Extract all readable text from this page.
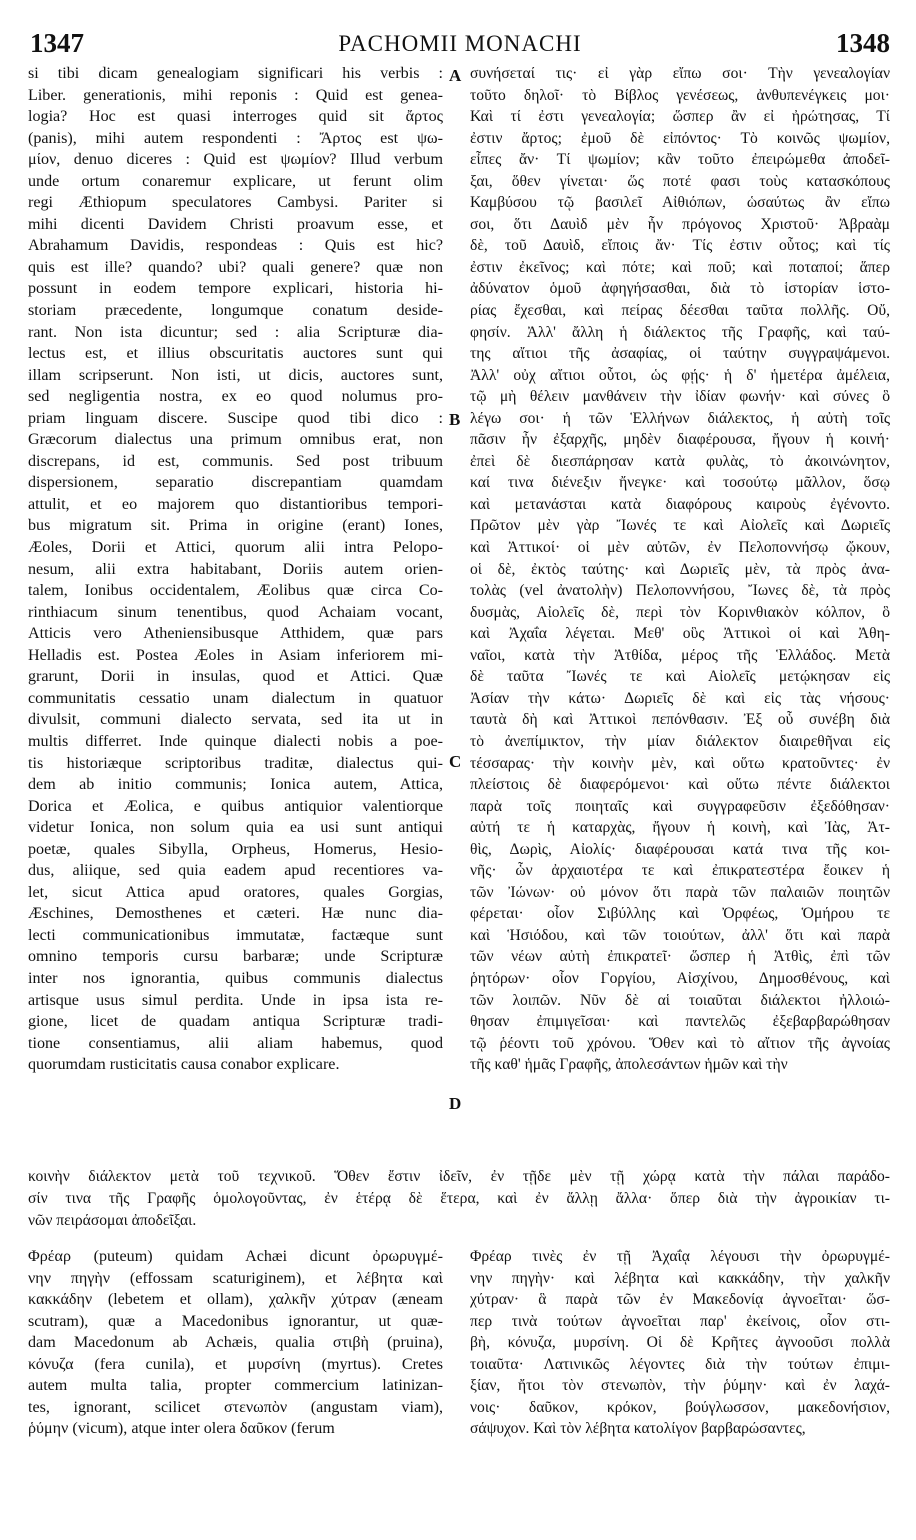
1347	PACHOMII MONACHI	1348
si tibi dicam genealogiam significari his verbis :
Liber. generationis, mihi reponis : Quid est genea-
logia? Hoc est quasi interroges quid sit ἄρτος
(panis), mihi autem respondenti : Ἄρτος est ψω-
μίον, denuo diceres : Quid est ψωμίον? Illud verbum
unde ortum conaremur explicare, ut ferunt olim
regi Æthiopum speculatores Cambysi. Pariter si
mihi dicenti Davidem Christi proavum esse, et
Abrahamum Davidis, respondeas : Quis est hic?
quis est ille? quando? ubi? quali genere? quæ non
possunt in eodem tempore explicari, historia hi-
storiam præcedente, longumque conatum deside-
rant. Non ista dicuntur; sed : alia Scripturæ dia-
lectus est, et illius obscuritatis auctores sunt qui
illam scripserunt. Non isti, ut dicis, auctores sunt,
sed negligentia nostra, ex eo quod nolumus pro-
priam linguam discere. Suscipe quod tibi dico :
Græcorum dialectus una primum omnibus erat, non
discrepans, id est, communis. Sed post tribuum
dispersionem, separatio discrepantiam quamdam
attulit, et eo majorem quo distantioribus tempori-
bus migratum sit. Prima in origine (erant) Iones,
Æoles, Dorii et Attici, quorum alii intra Pelopo-
nesum, alii extra habitabant, Doriis autem orien-
talem, Ionibus occidentalem, Æolibus quæ circa Co-
rinthiacum sinum tenentibus, quod Achaiam vocant,
Atticis vero Atheniensibusque Atthidem, quæ pars
Helladis est. Postea Æoles in Asiam inferiorem mi-
grarunt, Dorii in insulas, quod et Attici. Quæ
communitatis cessatio unam dialectum in quatuor
divulsit, communi dialecto servata, sed ita ut in
multis differret. Inde quinque dialecti nobis a poe-
tis historiæque scriptoribus traditæ, dialectus qui-
dem ab initio communis; Ionica autem, Attica,
Dorica et Æolica, e quibus antiquior valentiorque
videtur Ionica, non solum quia ea usi sunt antiqui
poetæ, quales Sibylla, Orpheus, Homerus, Hesio-
dus, aliique, sed quia eadem apud recentiores va-
let, sicut Attica apud oratores, quales Gorgias,
Æschines, Demosthenes et cæteri. Hæ nunc dia-
lecti communicationibus immutatæ, factæque sunt
omnino temporis cursu barbaræ; unde Scripturæ
inter nos ignorantia, quibus communis dialectus
artisque usus simul perdita. Unde in ipsa ista re-
gione, licet de quadam antiqua Scripturæ tradi-
tione consentiamus, alii aliam habemus, quod
quorumdam rusticitatis causa conabor explicare.
συνήσεταί τις· εἰ γὰρ εἴπω σοι· Τὴν γενεαλογίαν
τοῦτο δηλοῖ· τὸ Βίβλος γενέσεως, ἀνθυπενέγκεις μοι·
Καὶ τί ἐστι γενεαλογία; ὥσπερ ἂν εἰ ἠρώτησας, Τί
ἐστιν ἄρτος; ἐμοῦ δὲ εἰπόντος· Τὸ κοινῶς ψωμίον,
εἶπες ἄν· Τί ψωμίον; κἂν τοῦτο ἐπειρώμεθα ἀποδεῖ-
ξαι, ὅθεν γίνεται· ὥς ποτέ φασι τοὺς κατασκόπους
Καμβύσου τῷ βασιλεῖ Αἰθιόπων, ὡσαύτως ἂν εἴπω
σοι, ὅτι Δαυὶδ μὲν ἦν πρόγονος Χριστοῦ· Ἀβραὰμ
δὲ, τοῦ Δαυὶδ, εἴποις ἄν· Τίς ἐστιν οὗτος; καὶ τίς
ἐστιν ἐκεῖνος; καὶ πότε; καὶ ποῦ; καὶ ποταποί; ἅπερ
ἀδύνατον ὁμοῦ ἀφηγήσασθαι, διὰ τὸ ἱστορίαν ἱστο-
ρίας ἔχεσθαι, καὶ πείρας δέεσθαι ταῦτα πολλῆς. Οὔ,
φησίν. Ἀλλ' ἄλλη ἡ διάλεκτος τῆς Γραφῆς, καὶ ταύ-
της αἴτιοι τῆς ἀσαφίας, οἱ ταύτην συγγραψάμενοι.
Ἀλλ' οὐχ αἴτιοι οὗτοι, ὡς φῄς· ἡ δ' ἡμετέρα ἀμέλεια,
τῷ μὴ θέλειν μανθάνειν τὴν ἰδίαν φωνήν· καὶ σύνες ὃ
λέγω σοι· ἡ τῶν Ἑλλήνων διάλεκτος, ἡ αὐτὴ τοῖς
πᾶσιν ἦν ἐξαρχῆς, μηδὲν διαφέρουσα, ἤγουν ἡ κοινή·
ἐπεὶ δὲ διεσπάρησαν κατὰ φυλὰς, τὸ ἀκοινώνητον,
καί τινα διένεξιν ἤνεγκε· καὶ τοσούτῳ μᾶλλον, ὅσῳ
καὶ μετανάσται κατὰ διαφόρους καιροὺς ἐγένοντο.
Πρῶτον μὲν γὰρ Ἴωνές τε καὶ Αἰολεῖς καὶ Δωριεῖς
καὶ Ἀττικοί· οἱ μὲν αὐτῶν, ἐν Πελοποννήσῳ ᾤκουν,
οἱ δὲ, ἐκτὸς ταύτης· καὶ Δωριεῖς μὲν, τὰ πρὸς ἀνα-
τολὰς (vel ἀνατολὴν) Πελοποννήσου, Ἴωνες δὲ, τὰ πρὸς
δυσμὰς, Αἰολεῖς δὲ, περὶ τὸν Κορινθιακὸν κόλπον, ὃ
καὶ Ἀχαΐα λέγεται. Μεθ' οὓς Ἀττικοὶ οἱ καὶ Ἀθη-
ναῖοι, κατὰ τὴν Ἀτθίδα, μέρος τῆς Ἑλλάδος. Μετὰ
δὲ ταῦτα Ἴωνές τε καὶ Αἰολεῖς μετῴκησαν εἰς
Ἀσίαν τὴν κάτω· Δωριεῖς δὲ καὶ εἰς τὰς νήσους·
ταυτὰ δὴ καὶ Ἀττικοὶ πεπόνθασιν. Ἐξ οὗ συνέβη διὰ
τὸ ἀνεπίμικτον, τὴν μίαν διάλεκτον διαιρεθῆναι εἰς
τέσσαρας· τὴν κοινὴν μὲν, καὶ οὕτω κρατοῦντες· ἐν
πλείστοις δὲ διαφερόμενοι· καὶ οὕτω πέντε διάλεκτοι
παρὰ τοῖς ποιηταῖς καὶ συγγραφεῦσιν ἐξεδόθησαν·
αὐτή τε ἡ καταρχὰς, ἤγουν ἡ κοινὴ, καὶ Ἰὰς, Ἀτ-
θὶς, Δωρὶς, Αἰολίς· διαφέρουσαι κατά τινα τῆς κοι-
νῆς· ὧν ἀρχαιοτέρα τε καὶ ἐπικρατεστέρα ἔοικεν ἡ
τῶν Ἰώνων· οὐ μόνον ὅτι παρὰ τῶν παλαιῶν ποιητῶν
φέρεται· οἷον Σιβύλλης καὶ Ὀρφέως, Ὁμήρου τε
καὶ Ἡσιόδου, καὶ τῶν τοιούτων, ἀλλ' ὅτι καὶ παρὰ
τῶν νέων αὐτὴ ἐπικρατεῖ· ὥσπερ ἡ Ἀτθὶς, ἐπὶ τῶν
ῥητόρων· οἷον Γοργίου, Αἰσχίνου, Δημοσθένους, καὶ
τῶν λοιπῶν. Νῦν δὲ αἱ τοιαῦται διάλεκτοι ἠλλοιώ-
θησαν ἐπιμιγεῖσαι· καὶ παντελῶς ἐξεβαρβαρώθησαν
τῷ ῥέοντι τοῦ χρόνου. Ὅθεν καὶ τὸ αἴτιον τῆς ἀγνοίας
τῆς καθ' ἡμᾶς Γραφῆς, ἀπολεσάντων ἡμῶν καὶ τὴν
A
B
C
D
κοινὴν διάλεκτον μετὰ τοῦ τεχνικοῦ. Ὅθεν ἔστιν ἰδεῖν, ἐν τῇδε μὲν τῇ χώρᾳ κατὰ τὴν πάλαι παράδο-
σίν τινα τῆς Γραφῆς ὁμολογοῦντας, ἐν ἑτέρᾳ δὲ ἕτερα, καὶ ἐν ἄλλῃ ἄλλα· ὅπερ διὰ τὴν ἀγροικίαν τι-
νῶν πειράσομαι ἀποδεῖξαι.
Φρέαρ (puteum) quidam Achæi dicunt ὀρωρυγμέ-
νην πηγὴν (effossam scaturiginem), et λέβητα καὶ
κακκάδην (lebetem et ollam), χαλκῆν χύτραν (æneam
scutram), quæ a Macedonibus ignorantur, ut quæ-
dam Macedonum ab Achæis, qualia στιβὴ (pruina),
κόνυζα (fera cunila), et μυρσίνη (myrtus). Cretes
autem multa talia, propter commercium latinizan-
tes, ignorant, scilicet στενωπὸν (angustam viam),
ῥύμην (vicum), atque inter olera δαῦκον (ferum
Φρέαρ τινὲς ἐν τῇ Ἀχαΐᾳ λέγουσι τὴν ὀρωρυγμέ-
νην πηγὴν· καὶ λέβητα καὶ κακκάδην, τὴν χαλκῆν
χύτραν· ἃ παρὰ τῶν ἐν Μακεδονίᾳ ἀγνοεῖται· ὥσ-
περ τινὰ τούτων ἀγνοεῖται παρ' ἐκείνοις, οἷον στι-
βὴ, κόνυζα, μυρσίνη. Οἱ δὲ Κρῆτες ἀγνοοῦσι πολλὰ
τοιαῦτα· Λατινικῶς λέγοντες διὰ τὴν τούτων ἐπιμι-
ξίαν, ἤτοι τὸν στενωπὸν, τὴν ῥύμην· καὶ ἐν λαχά-
νοις· δαῦκον, κρόκον, βούγλωσσον, μακεδονήσιον,
σάψυχον. Καὶ τὸν λέβητα κατολίγον βαρβαρώσαντες,
